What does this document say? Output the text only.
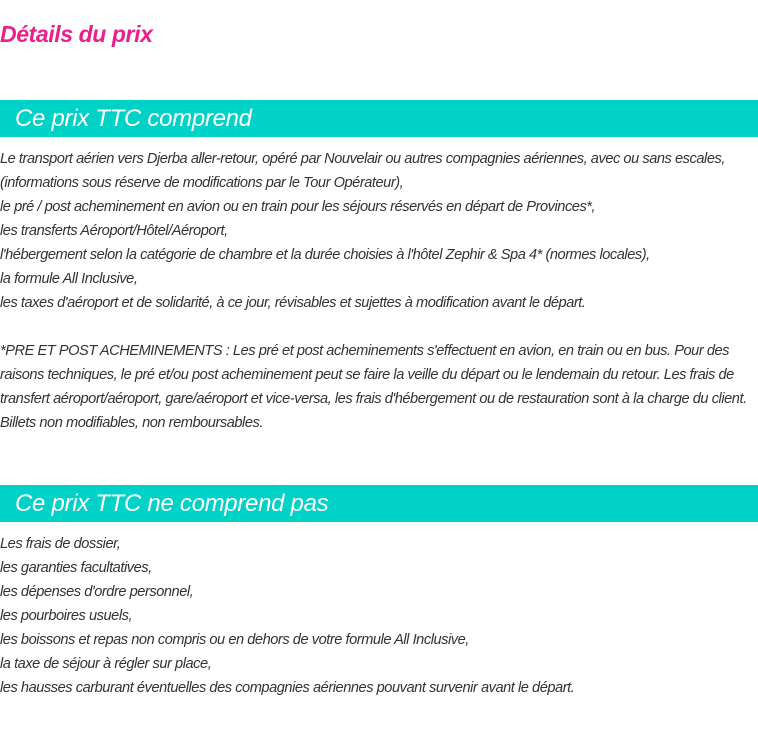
Détails du prix
Ce prix TTC comprend
Le transport aérien vers Djerba aller-retour, opéré par Nouvelair ou autres compagnies aériennes, avec ou sans escales,
(informations sous réserve de modifications par le Tour Opérateur),
le pré / post acheminement en avion ou en train pour les séjours réservés en départ de Provinces*,
les transferts Aéroport/Hôtel/Aéroport,
l'hébergement selon la catégorie de chambre et la durée choisies à l'hôtel Zephir & Spa 4* (normes locales),
la formule All Inclusive,
les taxes d'aéroport et de solidarité, à ce jour, révisables et sujettes à modification avant le départ.

*PRE ET POST ACHEMINEMENTS : Les pré et post acheminements s'effectuent en avion, en train ou en bus. Pour des raisons techniques, le pré et/ou post acheminement peut se faire la veille du départ ou le lendemain du retour. Les frais de transfert aéroport/aéroport, gare/aéroport et vice-versa, les frais d'hébergement ou de restauration sont à la charge du client. Billets non modifiables, non remboursables.

Ce prix TTC ne comprend pas
Les frais de dossier,
les garanties facultatives,
les dépenses d'ordre personnel,
les pourboires usuels,
les boissons et repas non compris ou en dehors de votre formule All Inclusive,
la taxe de séjour à régler sur place,
les hausses carburant éventuelles des compagnies aériennes pouvant survenir avant le départ.
